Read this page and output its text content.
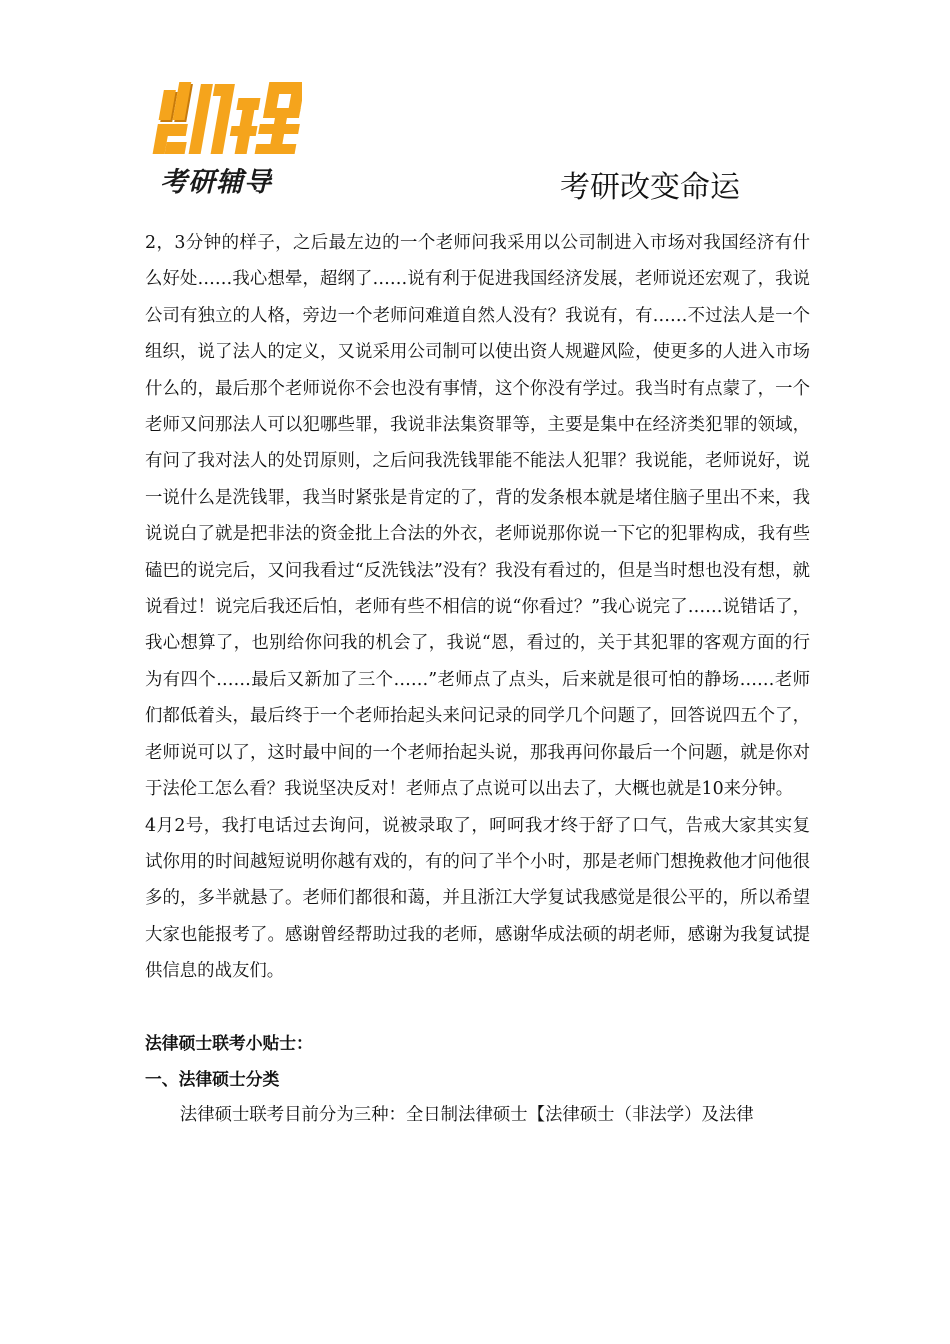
考研辅导	考研改变命运

2，3分钟的样子，之后最左边的一个老师问我采用以公司制进入市场对我国经济有什么好处……我心想晕，超纲了……说有利于促进我国经济发展，老师说还宏观了，我说公司有独立的人格，旁边一个老师问难道自然人没有？我说有，有……不过法人是一个组织，说了法人的定义，又说采用公司制可以使出资人规避风险，使更多的人进入市场什么的，最后那个老师说你不会也没有事情，这个你没有学过。我当时有点蒙了，一个老师又问那法人可以犯哪些罪，我说非法集资罪等，主要是集中在经济类犯罪的领域，有问了我对法人的处罚原则，之后问我洗钱罪能不能法人犯罪？我说能，老师说好，说一说什么是洗钱罪，我当时紧张是肯定的了，背的发条根本就是堵住脑子里出不来，我说说白了就是把非法的资金批上合法的外衣，老师说那你说一下它的犯罪构成，我有些磕巴的说完后，又问我看过“反洗钱法”没有？我没有看过的，但是当时想也没有想，就说看过！说完后我还后怕，老师有些不相信的说“你看过？”我心说完了……说错话了，我心想算了，也别给你问我的机会了，我说“恩，看过的，关于其犯罪的客观方面的行为有四个……最后又新加了三个……”老师点了点头，后来就是很可怕的静场……老师们都低着头，最后终于一个老师抬起头来问记录的同学几个问题了，回答说四五个了，老师说可以了，这时最中间的一个老师抬起头说，那我再问你最后一个问题，就是你对于法伦工怎么看？我说坚决反对！老师点了点说可以出去了，大概也就是10来分钟。

4月2号，我打电话过去询问，说被录取了，呵呵我才终于舒了口气，告戒大家其实复试你用的时间越短说明你越有戏的，有的问了半个小时，那是老师门想挽救他才问他很多的，多半就悬了。老师们都很和蔼，并且浙江大学复试我感觉是很公平的，所以希望大家也能报考了。感谢曾经帮助过我的老师，感谢华成法硕的胡老师，感谢为我复试提供信息的战友们。

法律硕士联考小贴士：

一、法律硕士分类

法律硕士联考目前分为三种：全日制法律硕士【法律硕士（非法学）及法律
